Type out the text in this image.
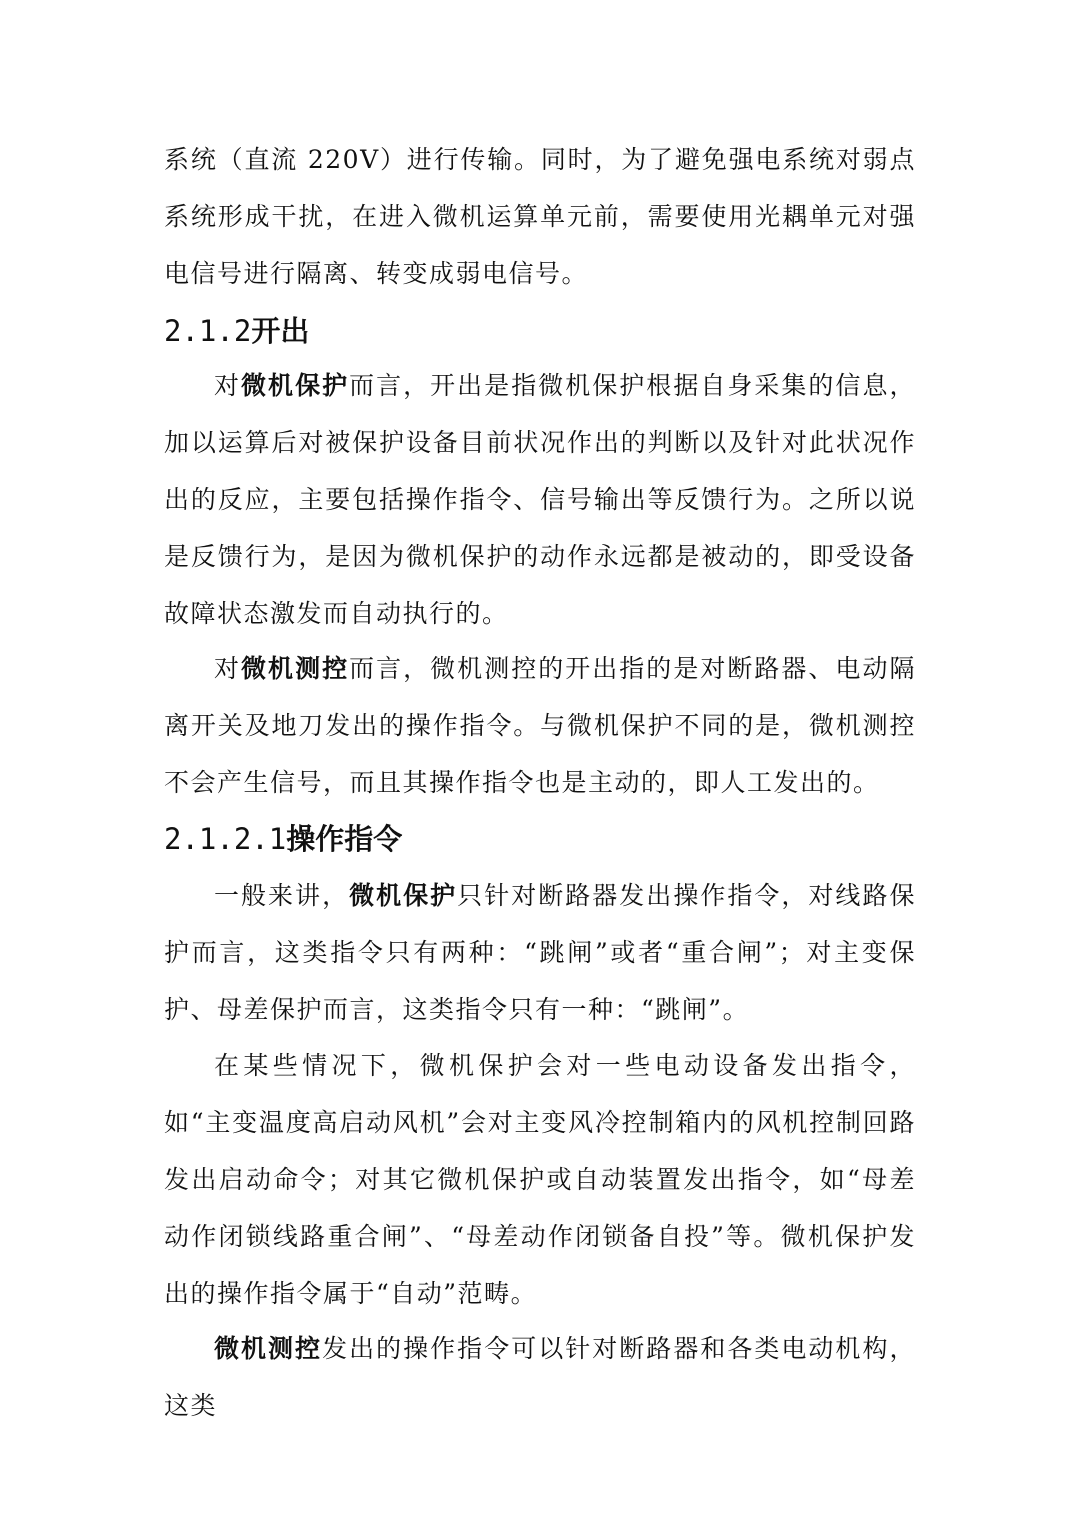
系统（直流 220V）进行传输。同时，为了避免强电系统对弱点系统形成干扰，在进入微机运算单元前，需要使用光耦单元对强电信号进行隔离、转变成弱电信号。

2.1.2开出

对微机保护而言，开出是指微机保护根据自身采集的信息，加以运算后对被保护设备目前状况作出的判断以及针对此状况作出的反应，主要包括操作指令、信号输出等反馈行为。之所以说是反馈行为，是因为微机保护的动作永远都是被动的，即受设备故障状态激发而自动执行的。

对微机测控而言，微机测控的开出指的是对断路器、电动隔离开关及地刀发出的操作指令。与微机保护不同的是，微机测控不会产生信号，而且其操作指令也是主动的，即人工发出的。

2.1.2.1操作指令

一般来讲，微机保护只针对断路器发出操作指令，对线路保护而言，这类指令只有两种：“跳闸”或者“重合闸”；对主变保护、母差保护而言，这类指令只有一种：“跳闸”。

在某些情况下，微机保护会对一些电动设备发出指令，如“主变温度高启动风机”会对主变风冷控制箱内的风机控制回路发出启动命令；对其它微机保护或自动装置发出指令，如“母差动作闭锁线路重合闸”、“母差动作闭锁备自投”等。微机保护发出的操作指令属于“自动”范畴。

微机测控发出的操作指令可以针对断路器和各类电动机构，这类
